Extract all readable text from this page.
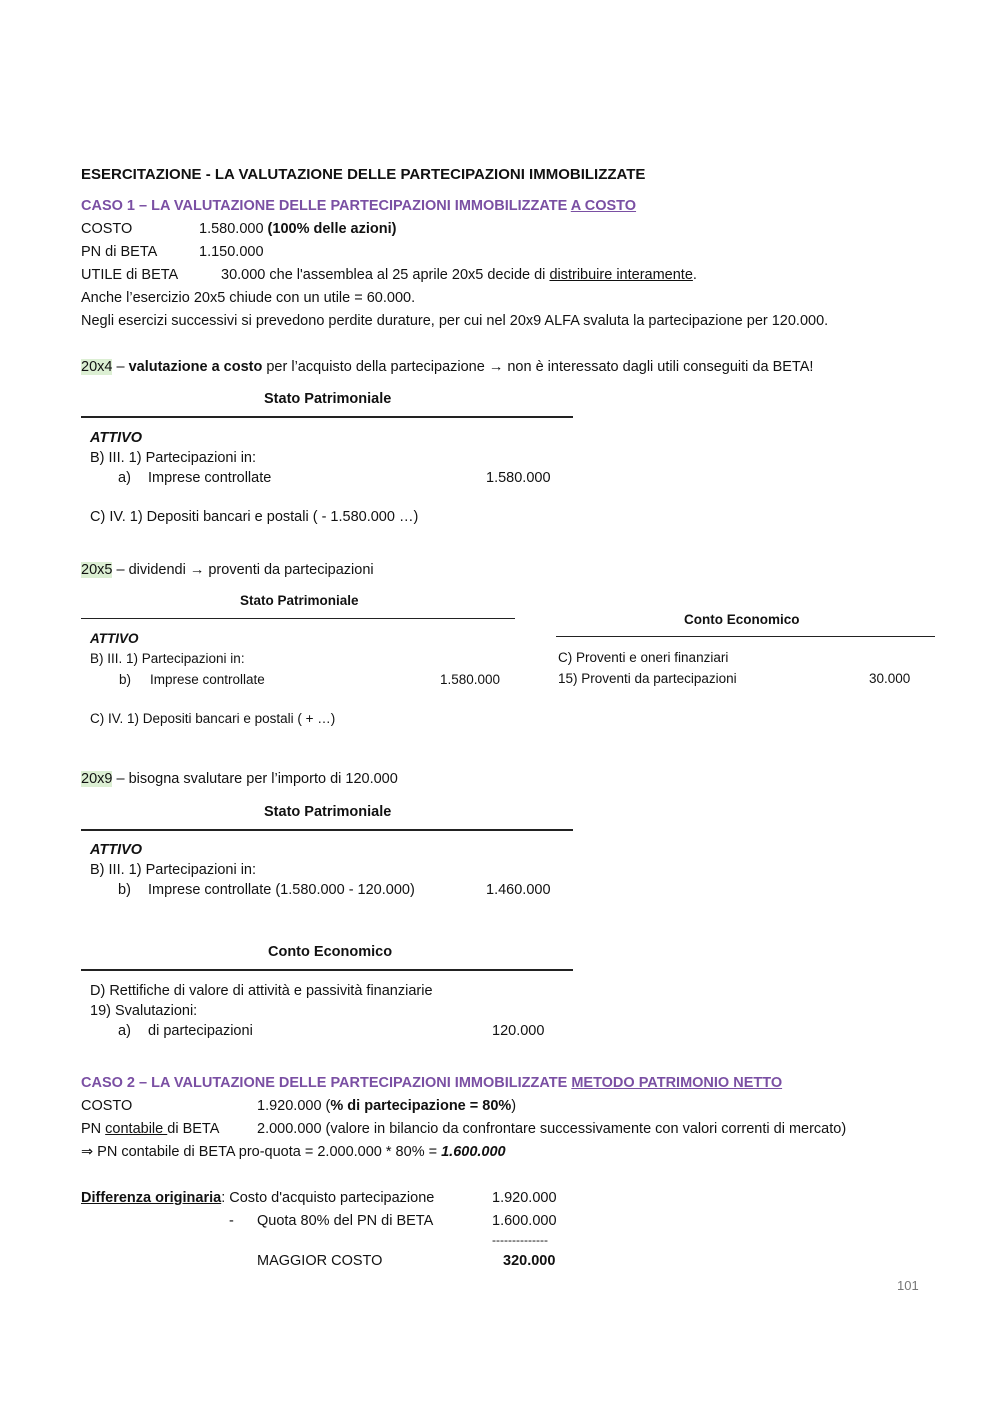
ESERCITAZIONE - LA VALUTAZIONE DELLE PARTECIPAZIONI IMMOBILIZZATE
CASO 1 – LA VALUTAZIONE DELLE PARTECIPAZIONI IMMOBILIZZATE A COSTO
COSTO	1.580.000 (100% delle azioni)
PN di BETA	1.150.000
UTILE di BETA	30.000 che l'assemblea al 25 aprile 20x5 decide di distribuire interamente.
Anche l’esercizio 20x5 chiude con un utile = 60.000.
Negli esercizi successivi si prevedono perdite durature, per cui nel 20x9 ALFA svaluta la partecipazione per 120.000.
20x4 – valutazione a costo per l’acquisto della partecipazione → non è interessato dagli utili conseguiti da BETA!
Stato Patrimoniale
ATTIVO
B) III. 1) Partecipazioni in:
a) Imprese controllate	1.580.000
C) IV. 1) Depositi bancari e postali ( - 1.580.000 …)
20x5 – dividendi → proventi da partecipazioni
Stato Patrimoniale
ATTIVO
B) III. 1) Partecipazioni in:
b) Imprese controllate	1.580.000
C) IV. 1) Depositi bancari e postali ( + …)
Conto Economico
C) Proventi e oneri finanziari
15) Proventi da partecipazioni	30.000
20x9 – bisogna svalutare per l’importo di 120.000
Stato Patrimoniale
ATTIVO
B) III. 1) Partecipazioni in:
b) Imprese controllate (1.580.000 - 120.000)	1.460.000
Conto Economico
D) Rettifiche di valore di attività e passività finanziarie
19) Svalutazioni:
a) di partecipazioni	120.000
CASO 2 – LA VALUTAZIONE DELLE PARTECIPAZIONI IMMOBILIZZATE METODO PATRIMONIO NETTO
COSTO	1.920.000 (% di partecipazione = 80%)
PN contabile di BETA	2.000.000 (valore in bilancio da confrontare successivamente con valori correnti di mercato)
⇒ PN contabile di BETA pro-quota = 2.000.000 * 80% = 1.600.000
Differenza originaria: Costo d'acquisto partecipazione	1.920.000
- Quota 80% del PN di BETA	1.600.000
--------------
MAGGIOR COSTO	320.000
101
